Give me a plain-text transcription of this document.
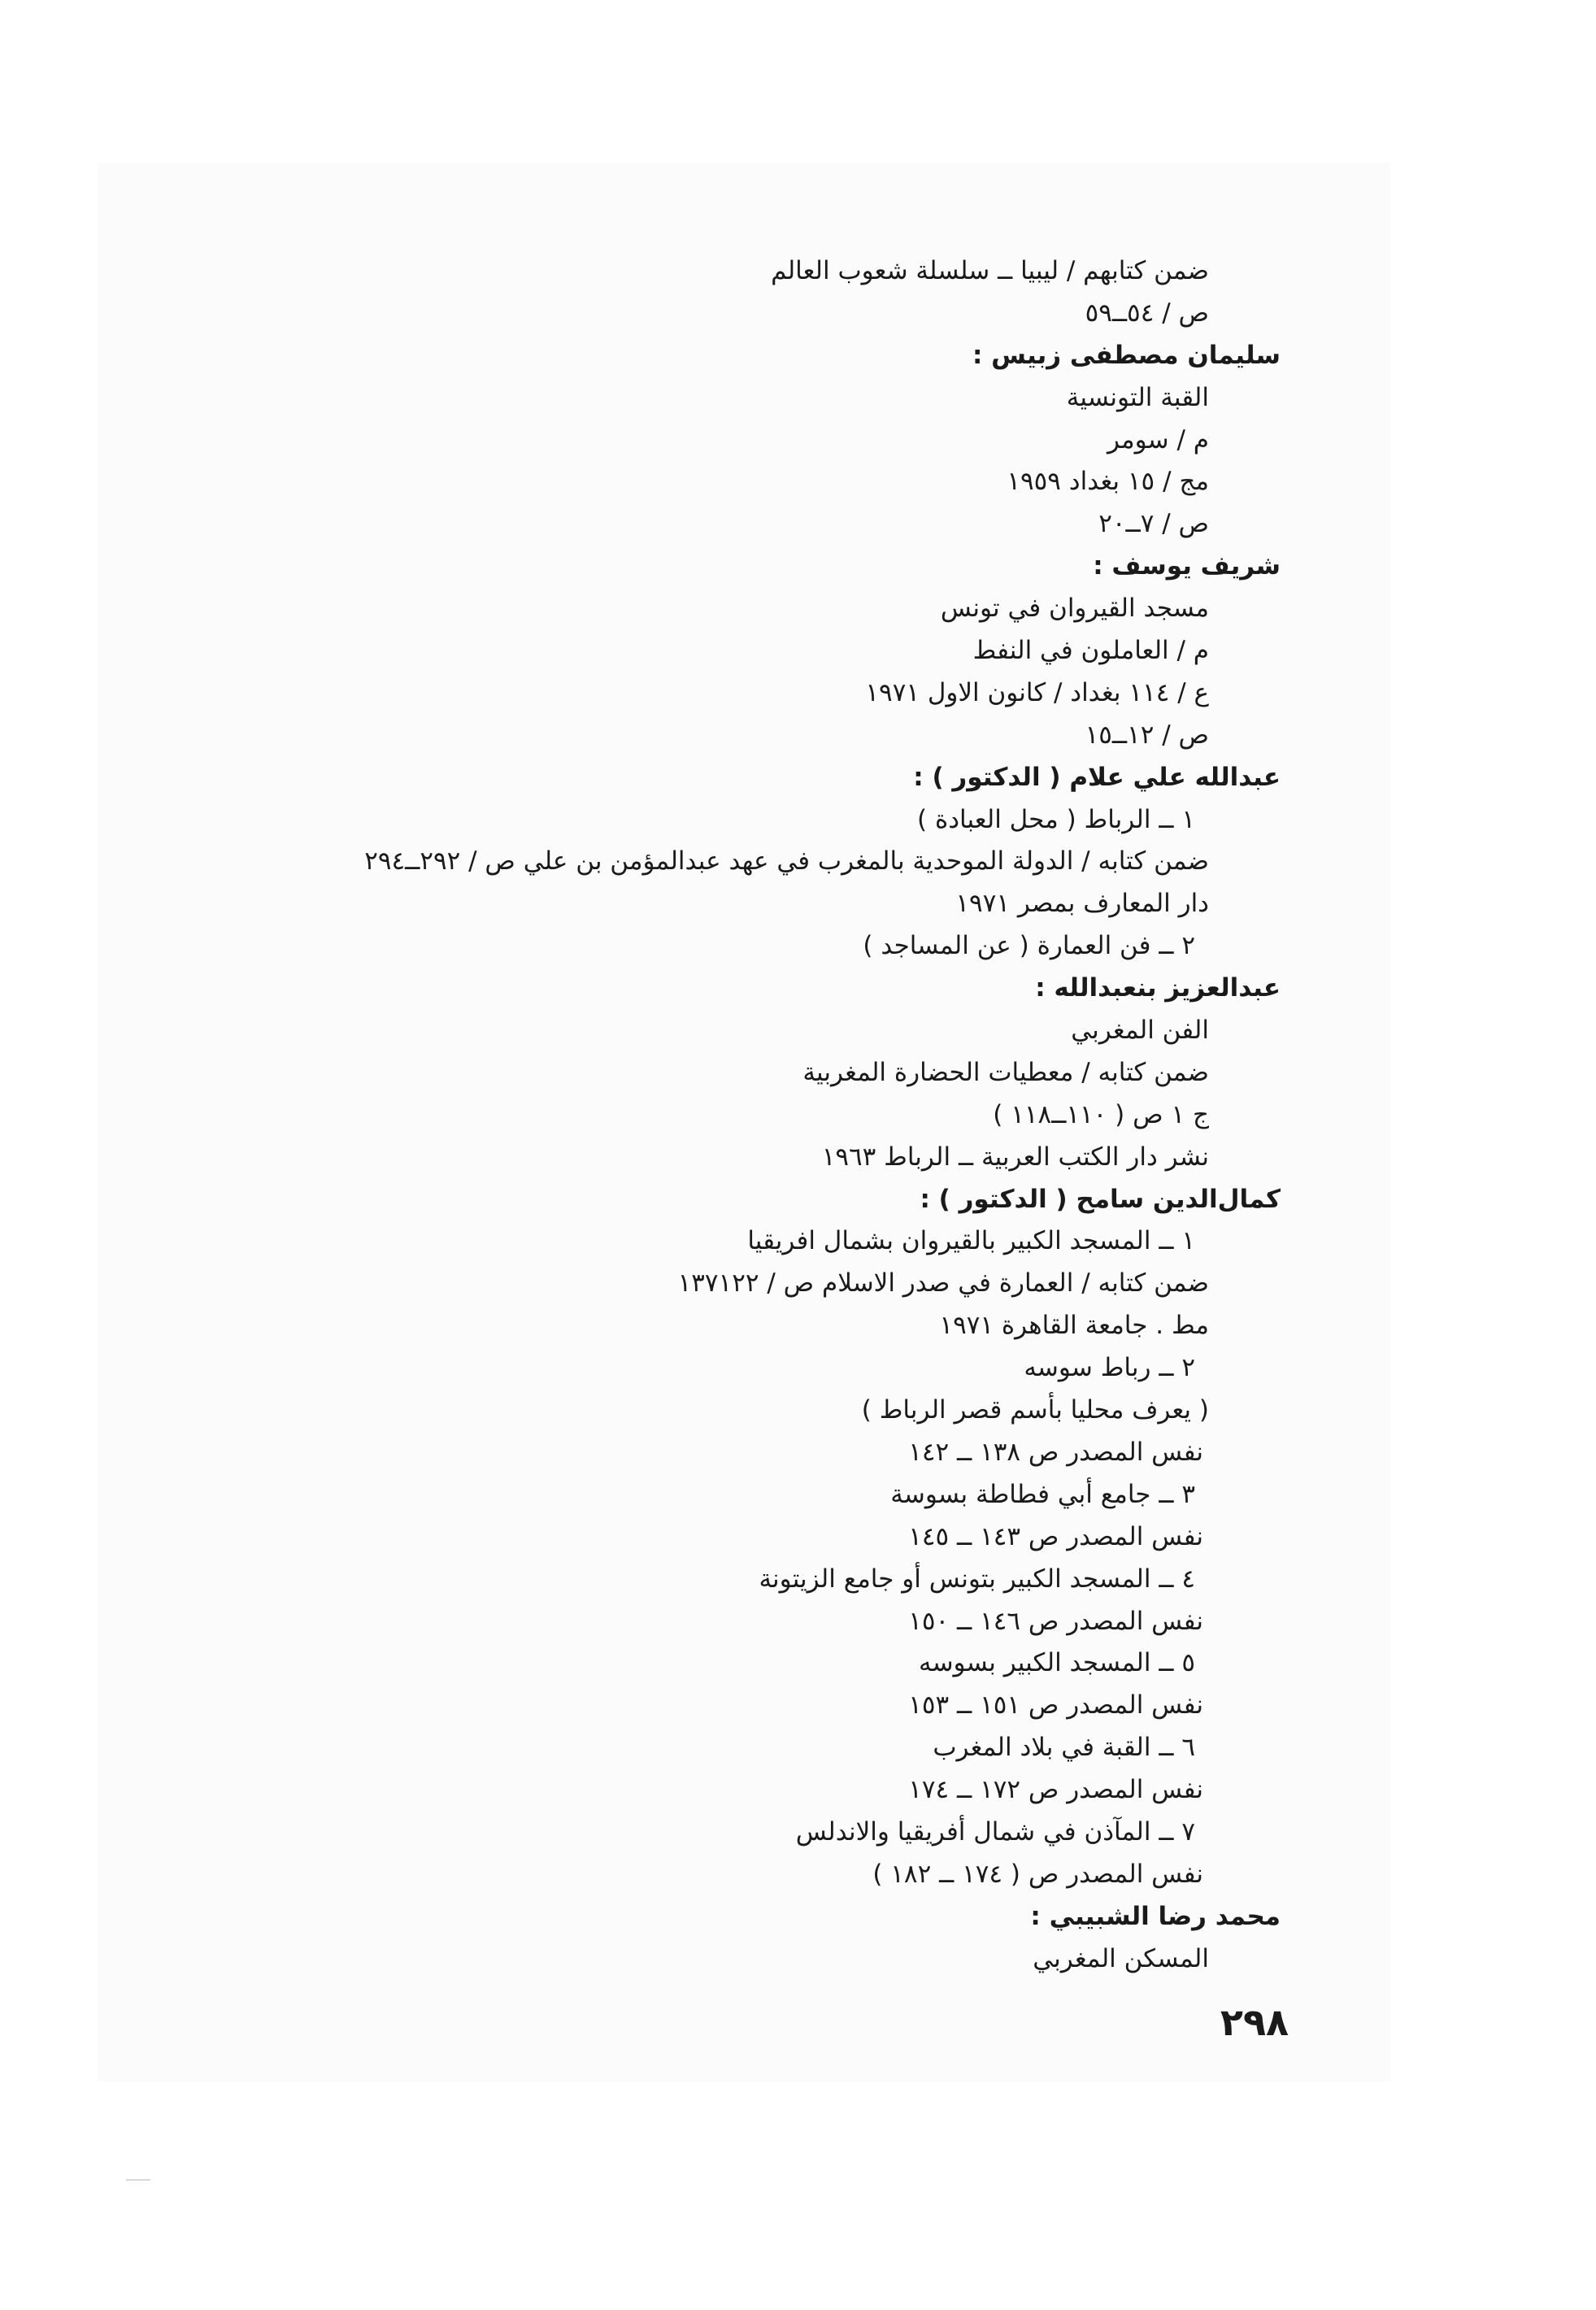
ضمن كتابهم / ليبيا ــ سلسلة شعوب العالم
ص / ٥٤ــ٥٩
سليمان مصطفى زبيس :
القبة التونسية
م / سومر
مج / ١٥ بغداد ١٩٥٩
ص / ٧ــ٢٠
شريف يوسف :
مسجد القيروان في تونس
م / العاملون في النفط
ع / ١١٤ بغداد / كانون الاول ١٩٧١
ص / ١٢ــ١٥
عبدالله علي علام ( الدكتور ) :
١ ــ الرباط ( محل العبادة )
ضمن كتابه / الدولة الموحدية بالمغرب في عهد عبدالمؤمن بن علي ص / ٢٩٢ــ٢٩٤
دار المعارف بمصر ١٩٧١
٢ ــ فن العمارة ( عن المساجد )
عبدالعزيز بنعبدالله :
الفن المغربي
ضمن كتابه / معطيات الحضارة المغربية
ج ١ ص ( ١١٠ــ١١٨ )
نشر دار الكتب العربية ــ الرباط ١٩٦٣
كمال‌الدين سامح ( الدكتور ) :
١ ــ المسجد الكبير بالقيروان بشمال افريقيا
ضمن كتابه / العمارة في صدر الاسلام ص / ١٣٧١٢٢
مط . جامعة القاهرة ١٩٧١
٢ ــ رباط سوسه
( يعرف محليا بأسم قصر الرباط )
نفس المصدر ص ١٣٨ ــ ١٤٢
٣ ــ جامع أبي فطاطة بسوسة
نفس المصدر ص ١٤٣ ــ ١٤٥
٤ ــ المسجد الكبير بتونس أو جامع الزيتونة
نفس المصدر ص ١٤٦ ــ ١٥٠
٥ ــ المسجد الكبير بسوسه
نفس المصدر ص ١٥١ ــ ١٥٣
٦ ــ القبة في بلاد المغرب
نفس المصدر ص ١٧٢ ــ ١٧٤
٧ ــ المآذن في شمال أفريقيا والاندلس
نفس المصدر ص ( ١٧٤ ــ ١٨٢ )
محمد رضا الشبيبي :
المسكن المغربي
٢٩٨
